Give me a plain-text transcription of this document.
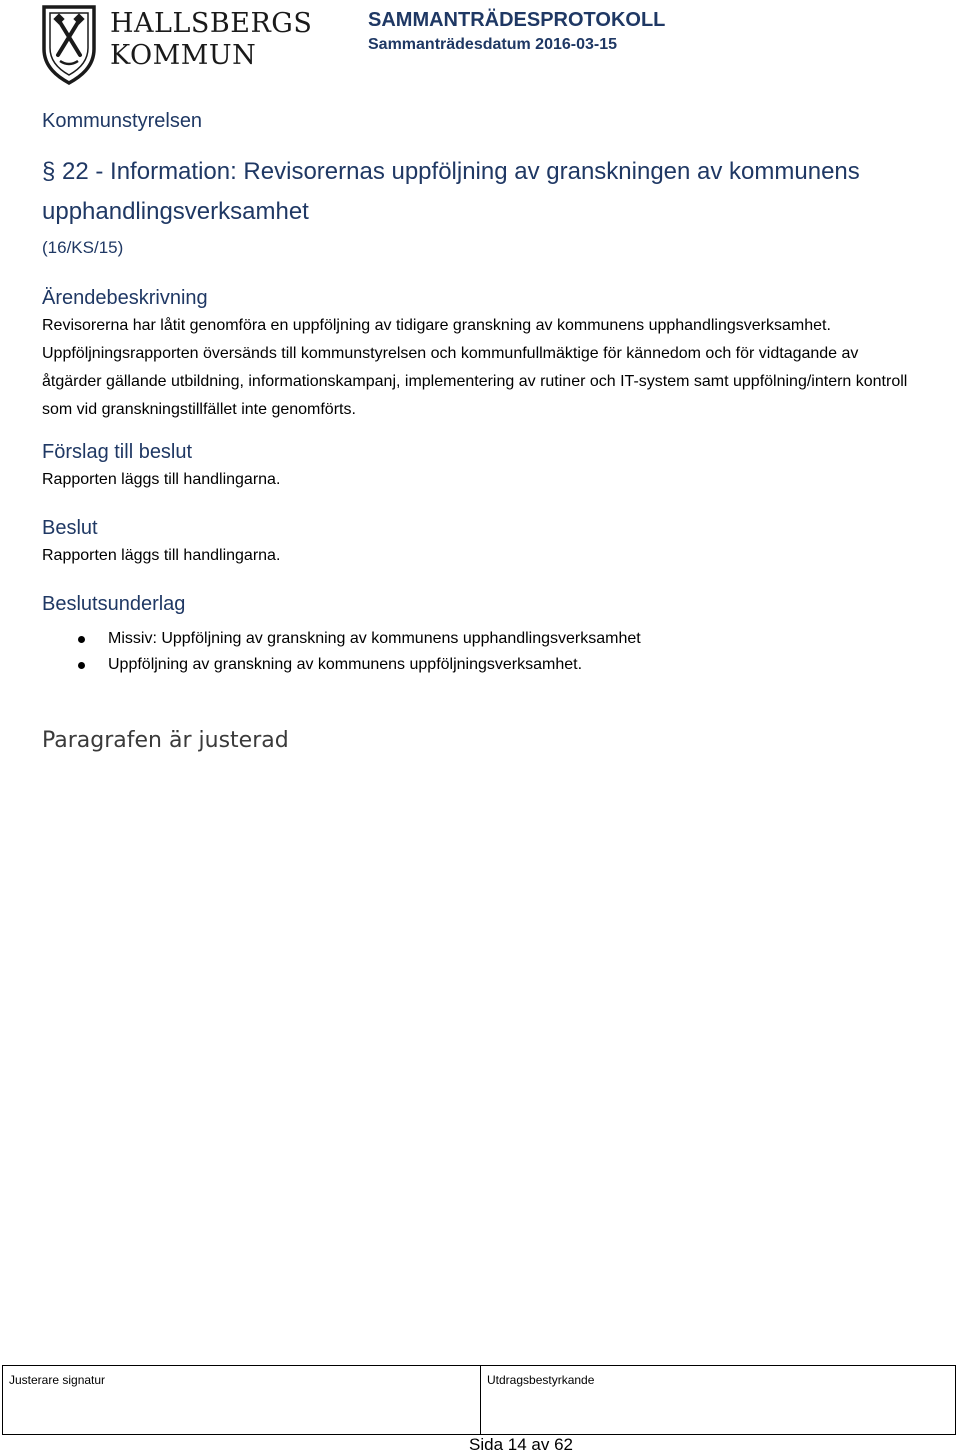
HALLSBERGS
KOMMUN
SAMMANTRÄDESPROTOKOLL
Sammanträdesdatum 2016-03-15

Kommunstyrelsen

§ 22 - Information: Revisorernas uppföljning av granskningen av kommunens upphandlingsverksamhet

(16/KS/15)

Ärendebeskrivning

Revisorerna har låtit genomföra en uppföljning av tidigare granskning av kommunens upphandlingsverksamhet. Uppföljningsrapporten översänds till kommunstyrelsen och kommunfullmäktige för kännedom och för vidtagande av åtgärder gällande utbildning, informationskampanj, implementering av rutiner och IT-system samt uppfölning/intern kontroll som vid granskningstillfället inte genomförts.

Förslag till beslut

Rapporten läggs till handlingarna.

Beslut

Rapporten läggs till handlingarna.

Beslutsunderlag
Missiv: Uppföljning av granskning av kommunens upphandlingsverksamhet
Uppföljning av granskning av kommunens uppföljningsverksamhet.

Paragrafen är justerad

Justerare signatur	Utdragsbestyrkande
Sida 14 av 62
